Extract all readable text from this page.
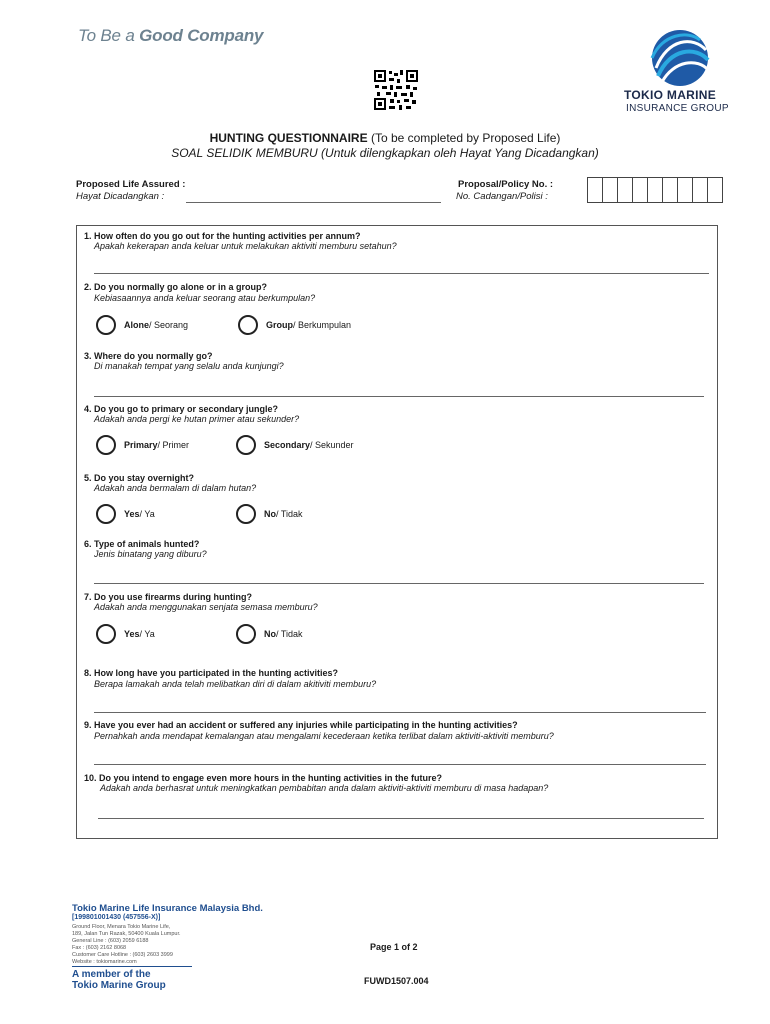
To Be a Good Company
TOKIO MARINE
INSURANCE GROUP
HUNTING QUESTIONNAIRE (To be completed by Proposed Life)
SOAL SELIDIK MEMBURU (Untuk dilengkapkan oleh Hayat Yang Dicadangkan)
Proposed Life Assured :
Hayat Dicadangkan :
Proposal/Policy No. :
No. Cadangan/Polisi :
1. How often do you go out for the hunting activities per annum?
Apakah kekerapan anda keluar untuk melakukan aktiviti memburu setahun?
2. Do you normally go alone or in a group?
Kebiasaannya anda keluar seorang atau berkumpulan?
Alone / Seorang	Group / Berkumpulan
3. Where do you normally go?
Di manakah tempat yang selalu anda kunjungi?
4. Do you go to primary or secondary jungle?
Adakah anda pergi ke hutan primer atau sekunder?
Primary / Primer	Secondary / Sekunder
5. Do you stay overnight?
Adakah anda bermalam di dalam hutan?
Yes / Ya	No / Tidak
6. Type of animals hunted?
Jenis binatang yang diburu?
7. Do you use firearms during hunting?
Adakah anda menggunakan senjata semasa memburu?
Yes / Ya	No / Tidak
8. How long have you participated in the hunting activities?
Berapa lamakah anda telah melibatkan diri di dalam akitiviti memburu?
9. Have you ever had an accident or suffered any injuries while participating in the hunting activities?
Pernahkah anda mendapat kemalangan atau mengalami kecederaan ketika terlibat dalam aktiviti-aktiviti memburu?
10. Do you intend to engage even more hours in the hunting activities in the future?
Adakah anda berhasrat untuk meningkatkan pembabitan anda dalam aktiviti-aktiviti memburu di masa hadapan?
Tokio Marine Life Insurance Malaysia Bhd.
[199801001430 (457556-X)]
Ground Floor, Menara Tokio Marine Life,
189, Jalan Tun Razak, 50400 Kuala Lumpur.
General Line : (603) 2059 6188
Fax : (603) 2162 8068
Customer Care Hotline : (603) 2603 3999
Website : tokiomarine.com
A member of the
Tokio Marine Group
Page 1 of 2
FUWD1507.004
